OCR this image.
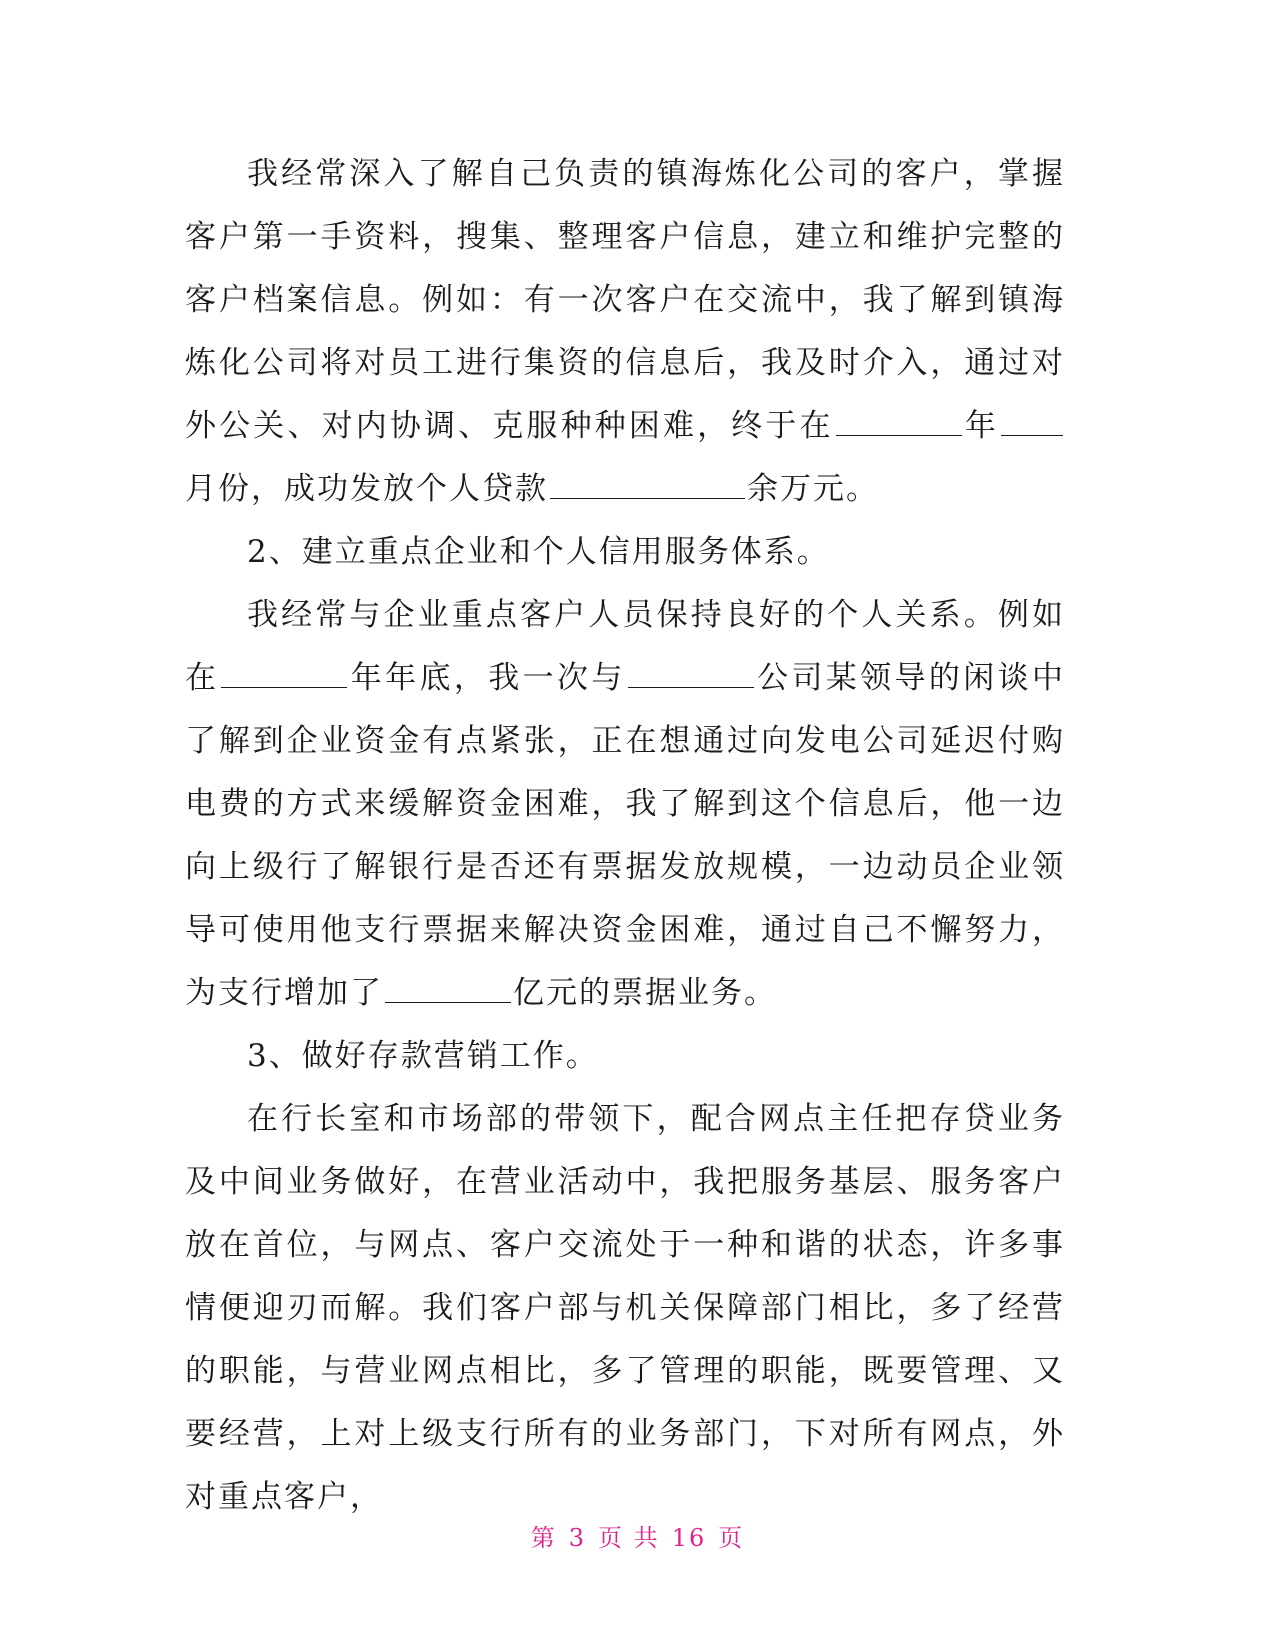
我经常深入了解自己负责的镇海炼化公司的客户，掌握客户第一手资料，搜集、整理客户信息，建立和维护完整的客户档案信息。例如：有一次客户在交流中，我了解到镇海炼化公司将对员工进行集资的信息后，我及时介入，通过对外公关、对内协调、克服种种困难，终于在	年月份，成功发放个人贷款	余万元。

2、建立重点企业和个人信用服务体系。

我经常与企业重点客户人员保持良好的个人关系。例如在	年年底，我一次与	公司某领导的闲谈中了解到企业资金有点紧张，正在想通过向发电公司延迟付购电费的方式来缓解资金困难，我了解到这个信息后，他一边向上级行了解银行是否还有票据发放规模，一边动员企业领导可使用他支行票据来解决资金困难，通过自己不懈努力，为支行增加了	亿元的票据业务。

3、做好存款营销工作。

在行长室和市场部的带领下，配合网点主任把存贷业务及中间业务做好，在营业活动中，我把服务基层、服务客户放在首位，与网点、客户交流处于一种和谐的状态，许多事情便迎刃而解。我们客户部与机关保障部门相比，多了经营的职能，与营业网点相比，多了管理的职能，既要管理、又要经营，上对上级支行所有的业务部门，下对所有网点，外对重点客户，

第 3 页 共 16 页
